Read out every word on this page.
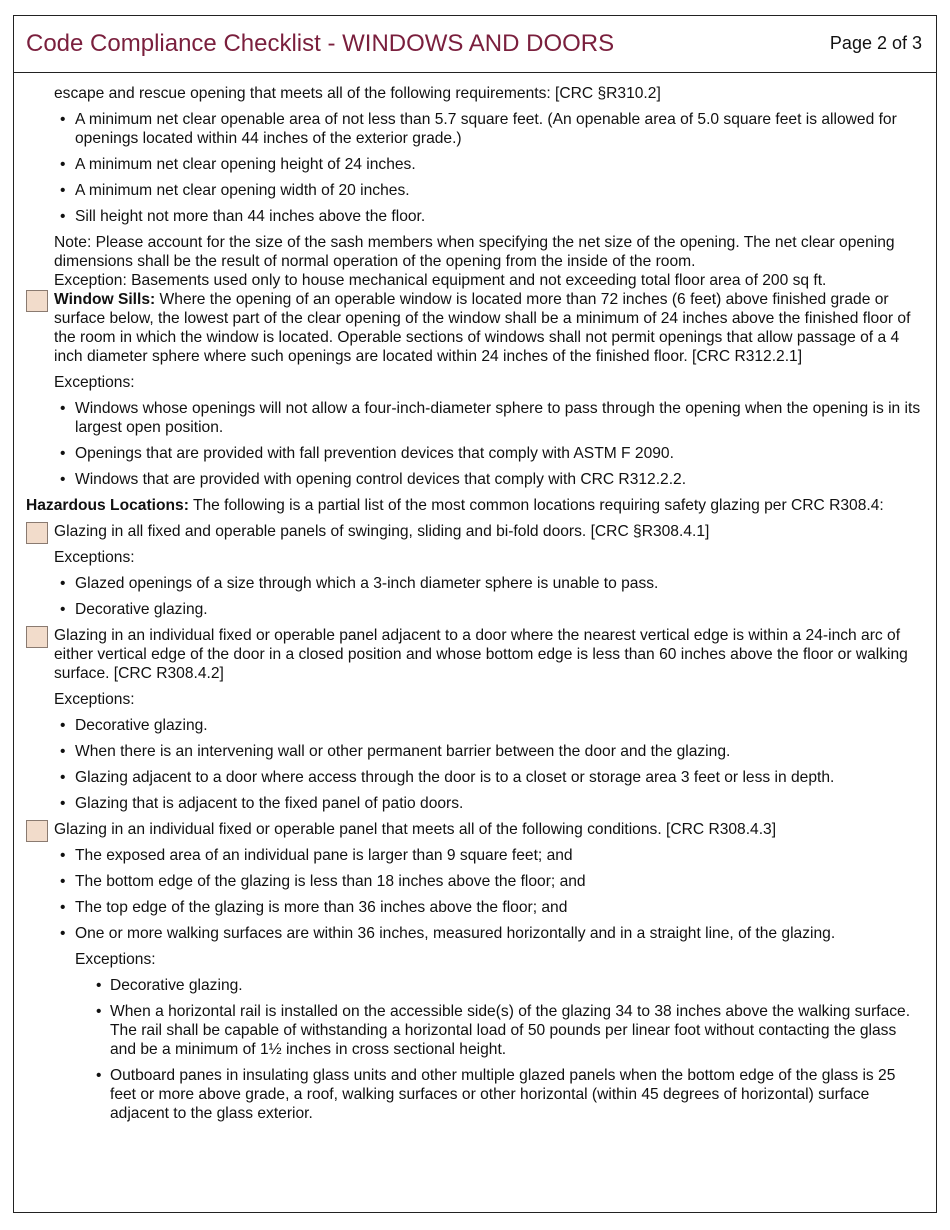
Code Compliance Checklist - WINDOWS AND DOORS	Page 2 of 3
escape and rescue opening that meets all of the following requirements: [CRC §R310.2]
• A minimum net clear openable area of not less than 5.7 square feet. (An openable area of 5.0 square feet is allowed for openings located within 44 inches of the exterior grade.)
• A minimum net clear opening height of 24 inches.
• A minimum net clear opening width of 20 inches.
• Sill height not more than 44 inches above the floor.
Note: Please account for the size of the sash members when specifying the net size of the opening. The net clear opening dimensions shall be the result of normal operation of the opening from the inside of the room.
Exception: Basements used only to house mechanical equipment and not exceeding total floor area of 200 sq ft.
Window Sills: Where the opening of an operable window is located more than 72 inches (6 feet) above finished grade or surface below, the lowest part of the clear opening of the window shall be a minimum of 24 inches above the finished floor of the room in which the window is located. Operable sections of windows shall not permit openings that allow passage of a 4 inch diameter sphere where such openings are located within 24 inches of the finished floor. [CRC R312.2.1]
Exceptions:
• Windows whose openings will not allow a four-inch-diameter sphere to pass through the opening when the opening is in its largest open position.
• Openings that are provided with fall prevention devices that comply with ASTM F 2090.
• Windows that are provided with opening control devices that comply with CRC R312.2.2.
Hazardous Locations: The following is a partial list of the most common locations requiring safety glazing per CRC R308.4:
Glazing in all fixed and operable panels of swinging, sliding and bi-fold doors. [CRC §R308.4.1]
Exceptions:
• Glazed openings of a size through which a 3-inch diameter sphere is unable to pass.
• Decorative glazing.
Glazing in an individual fixed or operable panel adjacent to a door where the nearest vertical edge is within a 24-inch arc of either vertical edge of the door in a closed position and whose bottom edge is less than 60 inches above the floor or walking surface. [CRC R308.4.2]
Exceptions:
• Decorative glazing.
• When there is an intervening wall or other permanent barrier between the door and the glazing.
• Glazing adjacent to a door where access through the door is to a closet or storage area 3 feet or less in depth.
• Glazing that is adjacent to the fixed panel of patio doors.
Glazing in an individual fixed or operable panel that meets all of the following conditions. [CRC R308.4.3]
• The exposed area of an individual pane is larger than 9 square feet; and
• The bottom edge of the glazing is less than 18 inches above the floor; and
• The top edge of the glazing is more than 36 inches above the floor; and
• One or more walking surfaces are within 36 inches, measured horizontally and in a straight line, of the glazing.
Exceptions:
• Decorative glazing.
• When a horizontal rail is installed on the accessible side(s) of the glazing 34 to 38 inches above the walking surface. The rail shall be capable of withstanding a horizontal load of 50 pounds per linear foot without contacting the glass and be a minimum of 1½ inches in cross sectional height.
• Outboard panes in insulating glass units and other multiple glazed panels when the bottom edge of the glass is 25 feet or more above grade, a roof, walking surfaces or other horizontal (within 45 degrees of horizontal) surface adjacent to the glass exterior.
